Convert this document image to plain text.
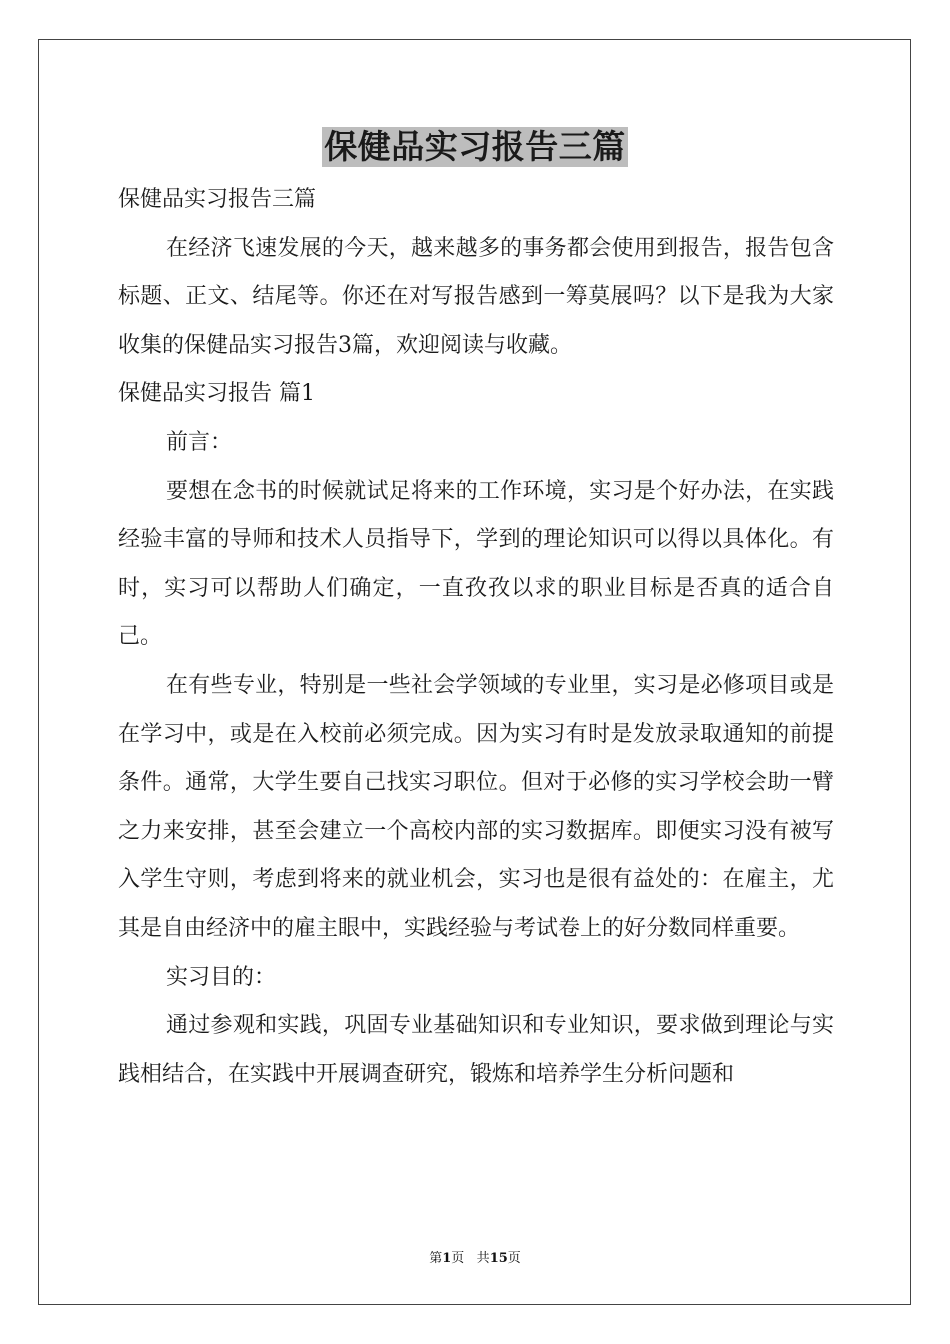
保健品实习报告三篇

保健品实习报告三篇

在经济飞速发展的今天，越来越多的事务都会使用到报告，报告包含标题、正文、结尾等。你还在对写报告感到一筹莫展吗？以下是我为大家收集的保健品实习报告3篇，欢迎阅读与收藏。

保健品实习报告 篇1

前言：

要想在念书的时候就试足将来的工作环境，实习是个好办法，在实践经验丰富的导师和技术人员指导下，学到的理论知识可以得以具体化。有时，实习可以帮助人们确定，一直孜孜以求的职业目标是否真的适合自己。

在有些专业，特别是一些社会学领域的专业里，实习是必修项目或是在学习中，或是在入校前必须完成。因为实习有时是发放录取通知的前提条件。通常，大学生要自己找实习职位。但对于必修的实习学校会助一臂之力来安排，甚至会建立一个高校内部的实习数据库。即便实习没有被写入学生守则，考虑到将来的就业机会，实习也是很有益处的：在雇主，尤其是自由经济中的雇主眼中，实践经验与考试卷上的好分数同样重要。

实习目的：

通过参观和实践，巩固专业基础知识和专业知识，要求做到理论与实践相结合，在实践中开展调查研究，锻炼和培养学生分析问题和

第1页 共15页
